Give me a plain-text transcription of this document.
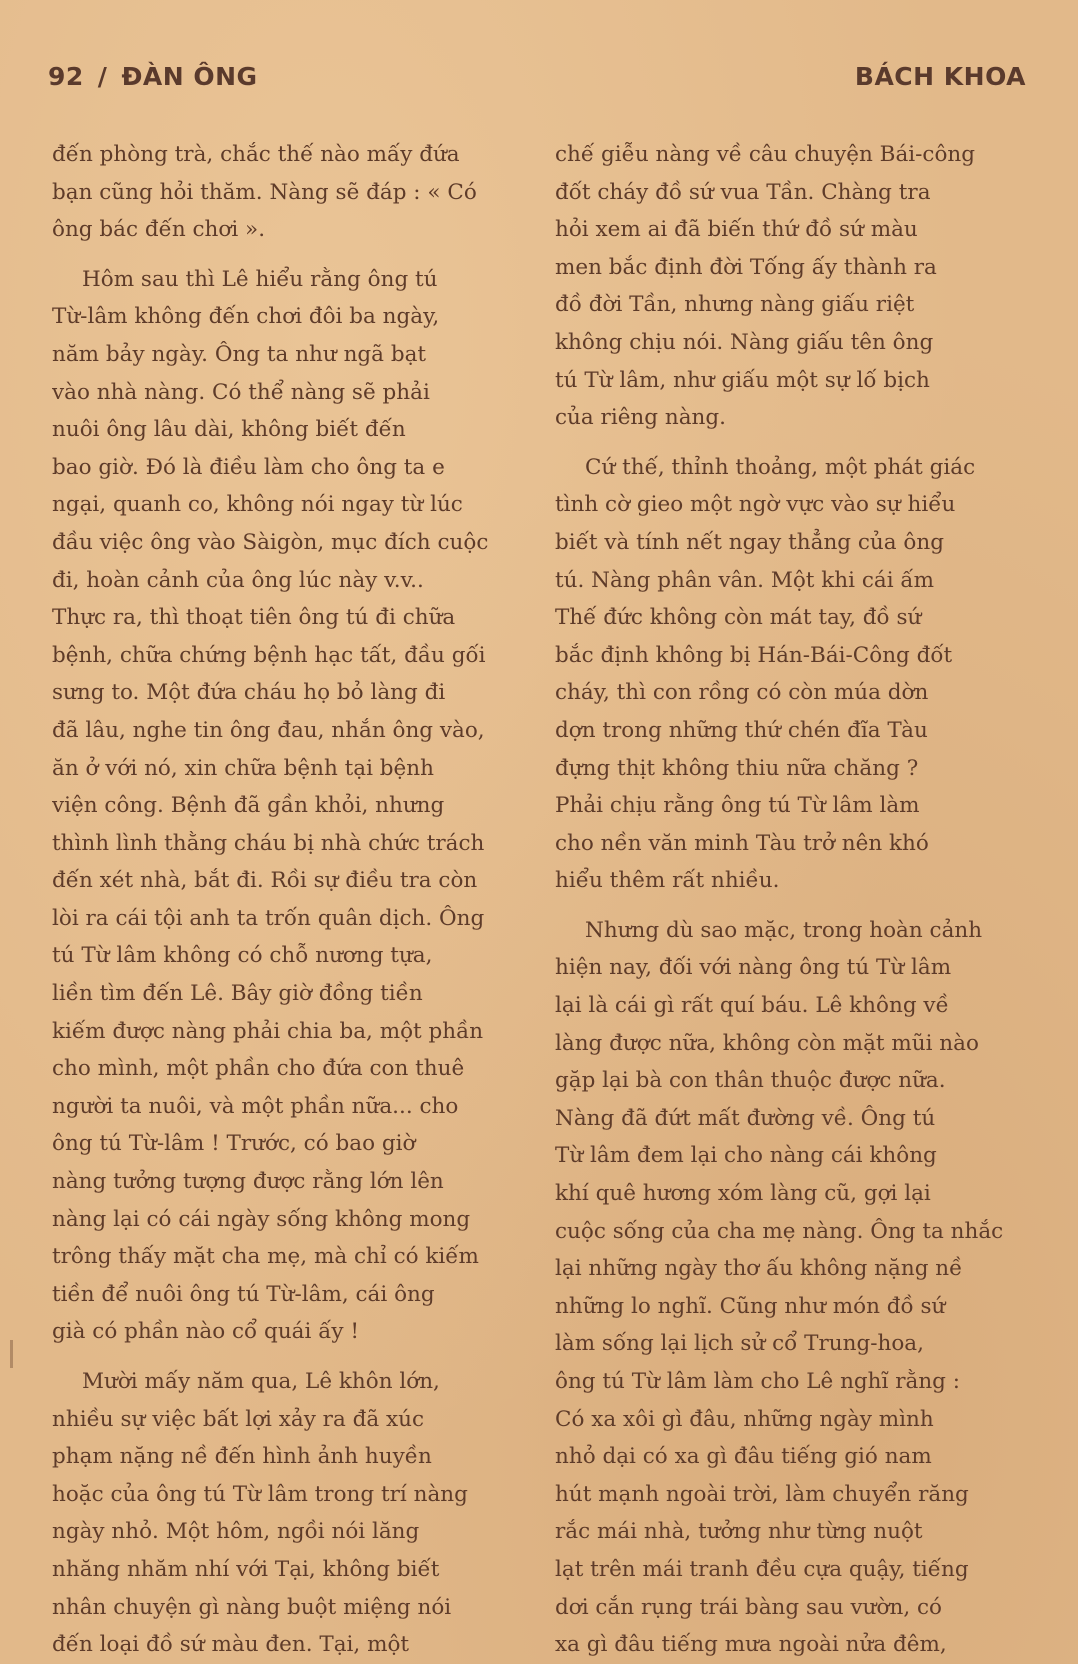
92 / ĐÀN ÔNG	BÁCH KHOA
đến phòng trà, chắc thế nào mấy đứa
bạn cũng hỏi thăm. Nàng sẽ đáp : « Có
ông bác đến chơi ».
Hôm sau thì Lê hiểu rằng ông tú
Từ-lâm không đến chơi đôi ba ngày,
năm bảy ngày. Ông ta như ngã bạt
vào nhà nàng. Có thể nàng sẽ phải
nuôi ông lâu dài, không biết đến
bao giờ. Đó là điều làm cho ông ta e
ngại, quanh co, không nói ngay từ lúc
đầu việc ông vào Sàigòn, mục đích cuộc
đi, hoàn cảnh của ông lúc này v.v..
Thực ra, thì thoạt tiên ông tú đi chữa
bệnh, chữa chứng bệnh hạc tất, đầu gối
sưng to. Một đứa cháu họ bỏ làng đi
đã lâu, nghe tin ông đau, nhắn ông vào,
ăn ở với nó, xin chữa bệnh tại bệnh
viện công. Bệnh đã gần khỏi, nhưng
thình lình thằng cháu bị nhà chức trách
đến xét nhà, bắt đi. Rồi sự điều tra còn
lòi ra cái tội anh ta trốn quân dịch. Ông
tú Từ lâm không có chỗ nương tựa,
liền tìm đến Lê. Bây giờ đồng tiền
kiếm được nàng phải chia ba, một phần
cho mình, một phần cho đứa con thuê
người ta nuôi, và một phần nữa... cho
ông tú Từ-lâm ! Trước, có bao giờ
nàng tưởng tượng được rằng lớn lên
nàng lại có cái ngày sống không mong
trông thấy mặt cha mẹ, mà chỉ có kiếm
tiền để nuôi ông tú Từ-lâm, cái ông
già có phần nào cổ quái ấy !
Mười mấy năm qua, Lê khôn lớn,
nhiều sự việc bất lợi xảy ra đã xúc
phạm nặng nề đến hình ảnh huyền
hoặc của ông tú Từ lâm trong trí nàng
ngày nhỏ. Một hôm, ngồi nói lăng
nhăng nhăm nhí với Tại, không biết
nhân chuyện gì nàng buột miệng nói
đến loại đồ sứ màu đen. Tại, một
chế giễu nàng về câu chuyện Bái-công
đốt cháy đồ sứ vua Tần. Chàng tra
hỏi xem ai đã biến thứ đồ sứ màu
men bắc định đời Tống ấy thành ra
đồ đời Tần, nhưng nàng giấu riệt
không chịu nói. Nàng giấu tên ông
tú Từ lâm, như giấu một sự lố bịch
của riêng nàng.
Cứ thế, thỉnh thoảng, một phát giác
tình cờ gieo một ngờ vực vào sự hiểu
biết và tính nết ngay thẳng của ông
tú. Nàng phân vân. Một khi cái ấm
Thế đức không còn mát tay, đồ sứ
bắc định không bị Hán-Bái-Công đốt
cháy, thì con rồng có còn múa dờn
dợn trong những thứ chén đĩa Tàu
đựng thịt không thiu nữa chăng ?
Phải chịu rằng ông tú Từ lâm làm
cho nền văn minh Tàu trở nên khó
hiểu thêm rất nhiều.
Nhưng dù sao mặc, trong hoàn cảnh
hiện nay, đối với nàng ông tú Từ lâm
lại là cái gì rất quí báu. Lê không về
làng được nữa, không còn mặt mũi nào
gặp lại bà con thân thuộc được nữa.
Nàng đã đứt mất đường về. Ông tú
Từ lâm đem lại cho nàng cái không
khí quê hương xóm làng cũ, gợi lại
cuộc sống của cha mẹ nàng. Ông ta nhắc
lại những ngày thơ ấu không nặng nề
những lo nghĩ. Cũng như món đồ sứ
làm sống lại lịch sử cổ Trung-hoa,
ông tú Từ lâm làm cho Lê nghĩ rằng :
Có xa xôi gì đâu, những ngày mình
nhỏ dại có xa gì đâu tiếng gió nam
hút mạnh ngoài trời, làm chuyển răng
rắc mái nhà, tưởng như từng nuột
lạt trên mái tranh đều cựa quậy, tiếng
dơi cắn rụng trái bàng sau vườn, có
xa gì đâu tiếng mưa ngoài nửa đêm,
